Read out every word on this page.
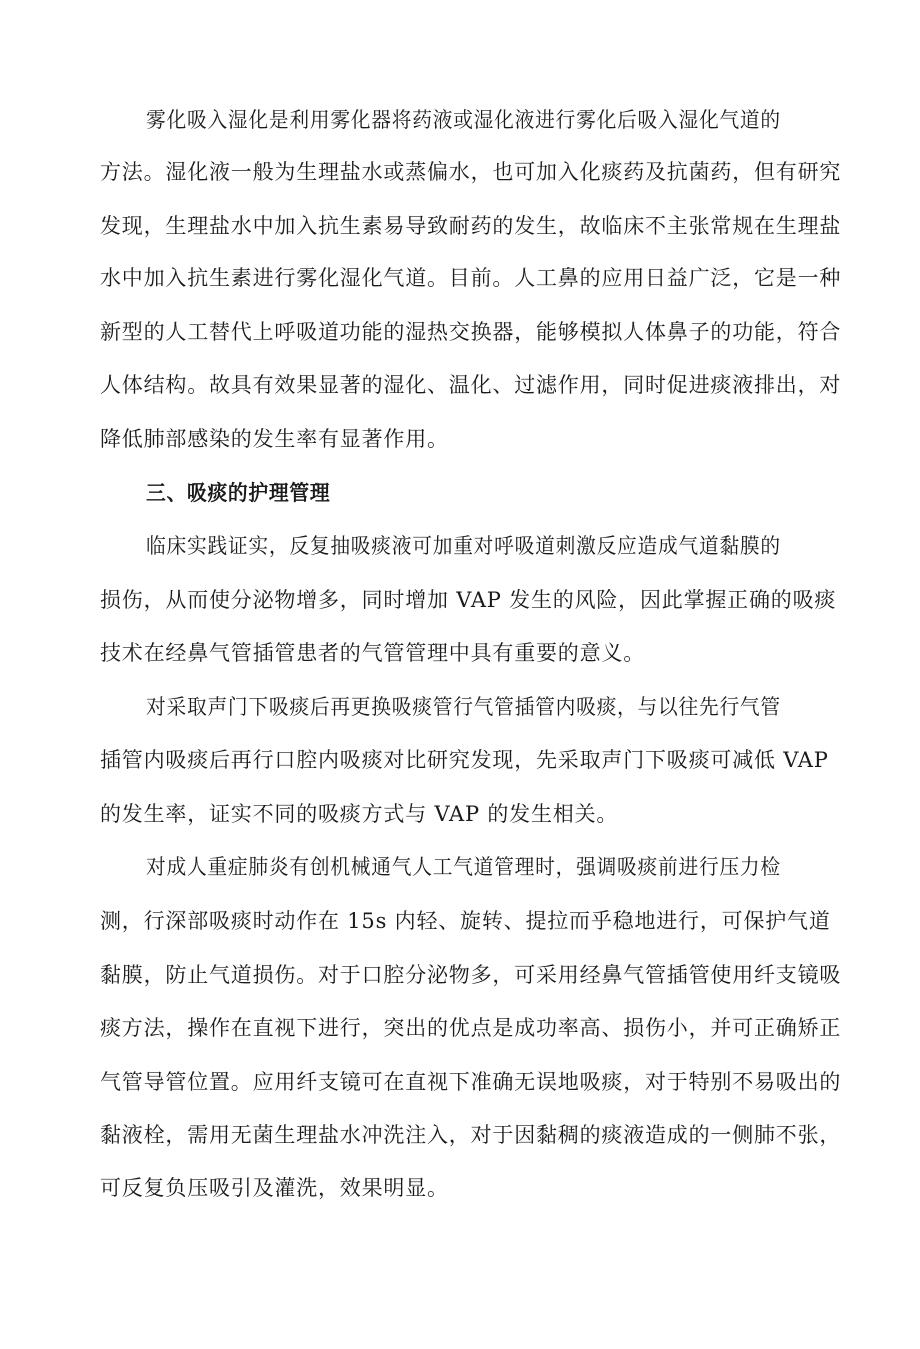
雾化吸入湿化是利用雾化器将药液或湿化液进行雾化后吸入湿化气道的
方法。湿化液一般为生理盐水或蒸偏水，也可加入化痰药及抗菌药，但有研究
发现，生理盐水中加入抗生素易导致耐药的发生，故临床不主张常规在生理盐
水中加入抗生素进行雾化湿化气道。目前。人工鼻的应用日益广泛，它是一种
新型的人工替代上呼吸道功能的湿热交换器，能够模拟人体鼻子的功能，符合
人体结构。故具有效果显著的湿化、温化、过滤作用，同时促进痰液排出，对
降低肺部感染的发生率有显著作用。
三、吸痰的护理管理
临床实践证实，反复抽吸痰液可加重对呼吸道刺激反应造成气道黏膜的
损伤，从而使分泌物增多，同时增加 VAP 发生的风险，因此掌握正确的吸痰
技术在经鼻气管插管患者的气管管理中具有重要的意义。
对采取声门下吸痰后再更换吸痰管行气管插管内吸痰，与以往先行气管
插管内吸痰后再行口腔内吸痰对比研究发现，先采取声门下吸痰可减低 VAP
的发生率，证实不同的吸痰方式与 VAP 的发生相关。
对成人重症肺炎有创机械通气人工气道管理时，强调吸痰前进行压力检
测，行深部吸痰时动作在 15s 内轻、旋转、提拉而乎稳地进行，可保护气道
黏膜，防止气道损伤。对于口腔分泌物多，可采用经鼻气管插管使用纤支镜吸
痰方法，操作在直视下进行，突出的优点是成功率高、损伤小，并可正确矫正
气管导管位置。应用纤支镜可在直视下准确无误地吸痰，对于特别不易吸出的
黏液栓，需用无菌生理盐水冲洗注入，对于因黏稠的痰液造成的一侧肺不张，
可反复负压吸引及灌洗，效果明显。
